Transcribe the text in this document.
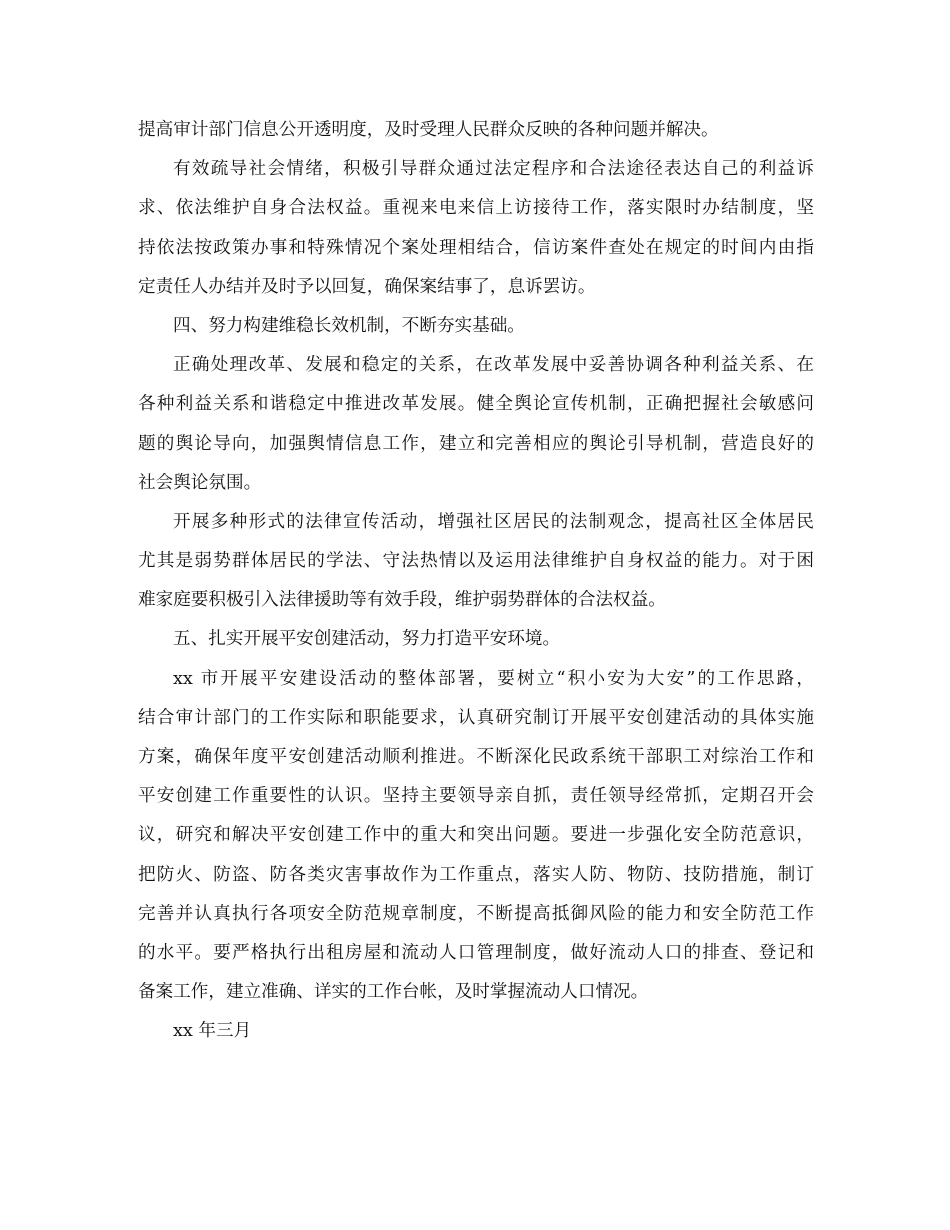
提高审计部门信息公开透明度，及时受理人民群众反映的各种问题并解决。
有效疏导社会情绪，积极引导群众通过法定程序和合法途径表达自己的利益诉
求、依法维护自身合法权益。重视来电来信上访接待工作，落实限时办结制度，坚
持依法按政策办事和特殊情况个案处理相结合，信访案件查处在规定的时间内由指
定责任人办结并及时予以回复，确保案结事了，息诉罢访。
四、努力构建维稳长效机制，不断夯实基础。
正确处理改革、发展和稳定的关系，在改革发展中妥善协调各种利益关系、在
各种利益关系和谐稳定中推进改革发展。健全舆论宣传机制，正确把握社会敏感问
题的舆论导向，加强舆情信息工作，建立和完善相应的舆论引导机制，营造良好的
社会舆论氛围。
开展多种形式的法律宣传活动，增强社区居民的法制观念，提高社区全体居民
尤其是弱势群体居民的学法、守法热情以及运用法律维护自身权益的能力。对于困
难家庭要积极引入法律援助等有效手段，维护弱势群体的合法权益。
五、扎实开展平安创建活动，努力打造平安环境。
xx 市开展平安建设活动的整体部署，要树立“积小安为大安”的工作思路，
结合审计部门的工作实际和职能要求，认真研究制订开展平安创建活动的具体实施
方案，确保年度平安创建活动顺利推进。不断深化民政系统干部职工对综治工作和
平安创建工作重要性的认识。坚持主要领导亲自抓，责任领导经常抓，定期召开会
议，研究和解决平安创建工作中的重大和突出问题。要进一步强化安全防范意识，
把防火、防盗、防各类灾害事故作为工作重点，落实人防、物防、技防措施，制订
完善并认真执行各项安全防范规章制度，不断提高抵御风险的能力和安全防范工作
的水平。要严格执行出租房屋和流动人口管理制度，做好流动人口的排查、登记和
备案工作，建立准确、详实的工作台帐，及时掌握流动人口情况。
xx 年三月
